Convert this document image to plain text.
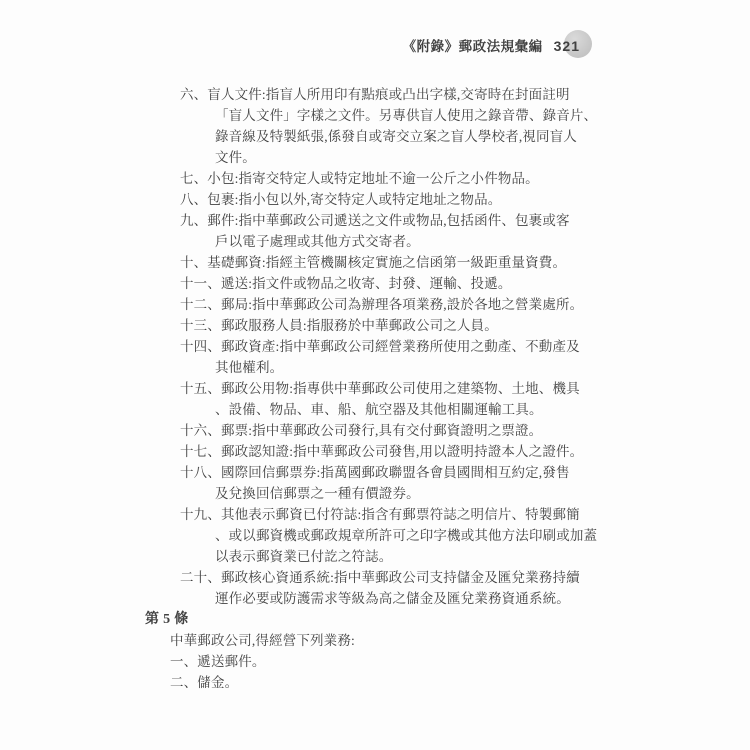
《附錄》郵政法規彙編 321
六、盲人文件:指盲人所用印有點痕或凸出字樣,交寄時在封面註明
「盲人文件」字樣之文件。另專供盲人使用之錄音帶、錄音片、
錄音線及特製紙張,係發自或寄交立案之盲人學校者,視同盲人
文件。
七、小包:指寄交特定人或特定地址不逾一公斤之小件物品。
八、包裹:指小包以外,寄交特定人或特定地址之物品。
九、郵件:指中華郵政公司遞送之文件或物品,包括函件、包裹或客
戶以電子處理或其他方式交寄者。
十、基礎郵資:指經主管機關核定實施之信函第一級距重量資費。
十一、遞送:指文件或物品之收寄、封發、運輸、投遞。
十二、郵局:指中華郵政公司為辦理各項業務,設於各地之營業處所。
十三、郵政服務人員:指服務於中華郵政公司之人員。
十四、郵政資產:指中華郵政公司經營業務所使用之動產、不動產及
其他權利。
十五、郵政公用物:指專供中華郵政公司使用之建築物、土地、機具
、設備、物品、車、船、航空器及其他相關運輸工具。
十六、郵票:指中華郵政公司發行,具有交付郵資證明之票證。
十七、郵政認知證:指中華郵政公司發售,用以證明持證本人之證件。
十八、國際回信郵票券:指萬國郵政聯盟各會員國間相互約定,發售
及兌換回信郵票之一種有價證券。
十九、其他表示郵資已付符誌:指含有郵票符誌之明信片、特製郵簡
、或以郵資機或郵政規章所許可之印字機或其他方法印刷或加蓋
以表示郵資業已付訖之符誌。
二十、郵政核心資通系統:指中華郵政公司支持儲金及匯兌業務持續
運作必要或防護需求等級為高之儲金及匯兌業務資通系統。
第 5 條
中華郵政公司,得經營下列業務:
一、遞送郵件。
二、儲金。
